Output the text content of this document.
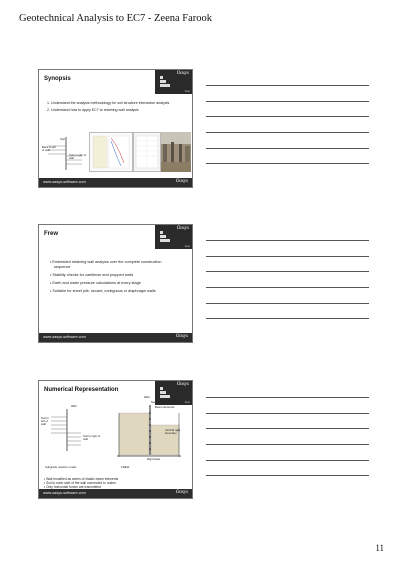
Geotechnical Analysis to EC7 - Zeena Farook
Synopsis
Oasys
Arup
1. Understand the analysis methodology for soil structure interaction analysis
2. Understand how to apply EC7 to retaining wall analysis
Soil
Back to left of wall
Soil to right of wall
www.oasys-software.com	Oasys
Frew
Oasys
Arup
• Embedded retaining wall analysis over the complete construction sequence
• Stability checks for cantilever and propped walls
• Earth and water pressure calculations at every stage
• Suitable for sheet pile, secant, contiguous or diaphragm walls
www.oasys-software.com	Oasys
Numerical Representation
Oasys
Arup
Wall
Nodes
Beam elements
Wall
Soil to left of wall
Soil to right of wall
Vertical rigid boundary
Rigid base
Subgrade reaction model	FREW
• Wall modelled as series of elastic beam elements
• Soil to each side of the wall connected to nodes
• Only horizontal forces are transmitted
www.oasys-software.com	Oasys
11
